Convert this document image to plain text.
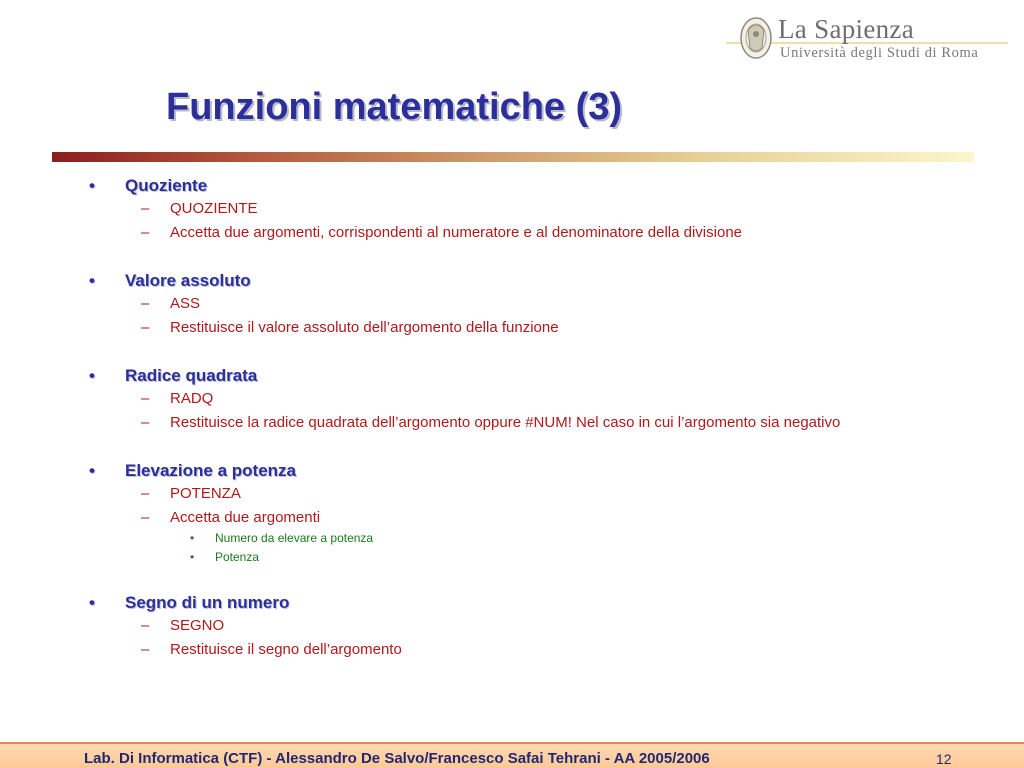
La Sapienza
Università degli Studi di Roma
Funzioni matematiche (3)
• Quoziente
– QUOZIENTE
– Accetta due argomenti, corrispondenti al numeratore e al denominatore della divisione
• Valore assoluto
– ASS
– Restituisce il valore assoluto dell’argomento della funzione
• Radice quadrata
– RADQ
– Restituisce la radice quadrata dell’argomento oppure #NUM! Nel caso in cui l’argomento sia negativo
• Elevazione a potenza
– POTENZA
– Accetta due argomenti
• Numero da elevare a potenza
• Potenza
• Segno di un numero
– SEGNO
– Restituisce il segno dell’argomento
Lab. Di Informatica (CTF) - Alessandro De Salvo/Francesco Safai Tehrani - AA 2005/2006	12
